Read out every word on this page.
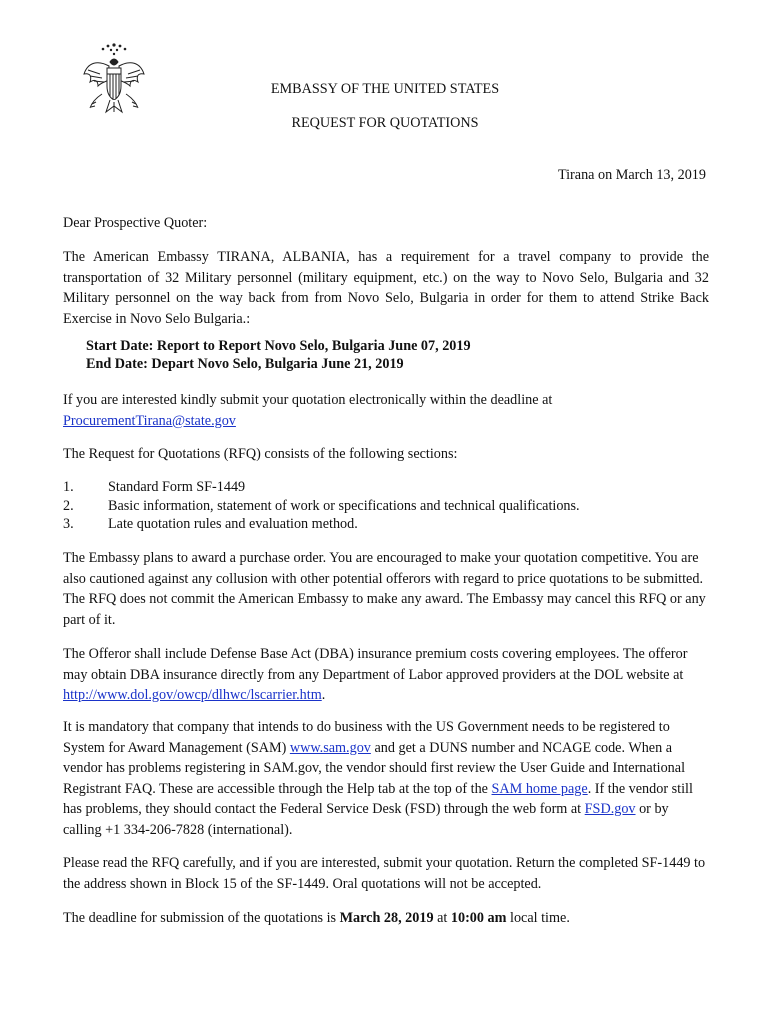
EMBASSY OF THE UNITED STATES
REQUEST FOR QUOTATIONS
Tirana on March 13, 2019
Dear Prospective Quoter:
The American Embassy TIRANA, ALBANIA, has a requirement for a travel company to provide the transportation of 32 Military personnel (military equipment, etc.) on the way to Novo Selo, Bulgaria and 32 Military personnel on the way back from from Novo Selo, Bulgaria in order for them to attend Strike Back Exercise in Novo Selo Bulgaria.:
Start Date: Report to Report Novo Selo, Bulgaria June 07, 2019
End Date: Depart Novo Selo, Bulgaria June 21, 2019
If you are interested kindly submit your quotation electronically within the deadline at
ProcurementTirana@state.gov
The Request for Quotations (RFQ) consists of the following sections:
1.	Standard Form SF-1449
2.	Basic information, statement of work or specifications and technical qualifications.
3.	Late quotation rules and evaluation method.
The Embassy plans to award a purchase order. You are encouraged to make your quotation competitive. You are also cautioned against any collusion with other potential offerors with regard to price quotations to be submitted. The RFQ does not commit the American Embassy to make any award. The Embassy may cancel this RFQ or any part of it.
The Offeror shall include Defense Base Act (DBA) insurance premium costs covering employees. The offeror may obtain DBA insurance directly from any Department of Labor approved providers at the DOL website at http://www.dol.gov/owcp/dlhwc/lscarrier.htm.
It is mandatory that company that intends to do business with the US Government needs to be registered to System for Award Management (SAM) www.sam.gov and get a DUNS number and NCAGE code. When a vendor has problems registering in SAM.gov, the vendor should first review the User Guide and International Registrant FAQ. These are accessible through the Help tab at the top of the SAM home page. If the vendor still has problems, they should contact the Federal Service Desk (FSD) through the web form at FSD.gov or by calling +1 334-206-7828 (international).
Please read the RFQ carefully, and if you are interested, submit your quotation. Return the completed SF-1449 to the address shown in Block 15 of the SF-1449. Oral quotations will not be accepted.
The deadline for submission of the quotations is March 28, 2019 at 10:00 am local time.
